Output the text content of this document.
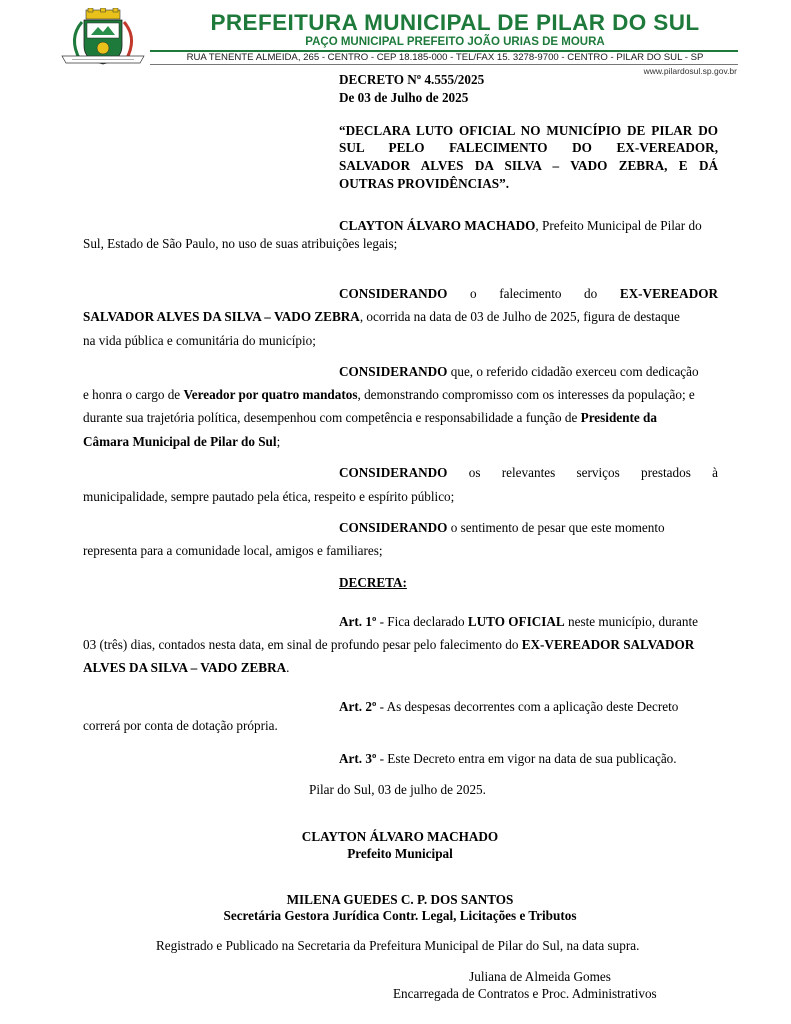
PREFEITURA MUNICIPAL DE PILAR DO SUL
PAÇO MUNICIPAL PREFEITO JOÃO URIAS DE MOURA
RUA TENENTE ALMEIDA, 265 - CENTRO - CEP 18.185-000 - TEL/FAX 15. 3278-9700 - CENTRO - PILAR DO SUL - SP
www.pilardosul.sp.gov.br
DECRETO Nº 4.555/2025
De 03 de Julho de 2025
“DECLARA LUTO OFICIAL NO MUNICÍPIO DE PILAR DO
SUL PELO FALECIMENTO DO EX-VEREADOR,
SALVADOR ALVES DA SILVA – VADO ZEBRA, E DÁ
OUTRAS PROVIDÊNCIAS”.
CLAYTON ÁLVARO MACHADO, Prefeito Municipal de Pilar do
Sul, Estado de São Paulo, no uso de suas atribuições legais;
CONSIDERANDO o falecimento do EX-VEREADOR
SALVADOR ALVES DA SILVA – VADO ZEBRA, ocorrida na data de 03 de Julho de 2025, figura de destaque
na vida pública e comunitária do município;
CONSIDERANDO que, o referido cidadão exerceu com dedicação
e honra o cargo de Vereador por quatro mandatos, demonstrando compromisso com os interesses da população; e
durante sua trajetória política, desempenhou com competência e responsabilidade a função de Presidente da
Câmara Municipal de Pilar do Sul;
CONSIDERANDO os relevantes serviços prestados à
municipalidade, sempre pautado pela ética, respeito e espírito público;
CONSIDERANDO o sentimento de pesar que este momento
representa para a comunidade local, amigos e familiares;
DECRETA:
Art. 1º - Fica declarado LUTO OFICIAL neste município, durante
03 (três) dias, contados nesta data, em sinal de profundo pesar pelo falecimento do EX-VEREADOR SALVADOR
ALVES DA SILVA – VADO ZEBRA.
Art. 2º - As despesas decorrentes com a aplicação deste Decreto
correrá por conta de dotação própria.
Art. 3º - Este Decreto entra em vigor na data de sua publicação.
Pilar do Sul, 03 de julho de 2025.
CLAYTON ÁLVARO MACHADO
Prefeito Municipal
MILENA GUEDES C. P. DOS SANTOS
Secretária Gestora Jurídica Contr. Legal, Licitações e Tributos
Registrado e Publicado na Secretaria da Prefeitura Municipal de Pilar do Sul, na data supra.
Juliana de Almeida Gomes
Encarregada de Contratos e Proc. Administrativos
